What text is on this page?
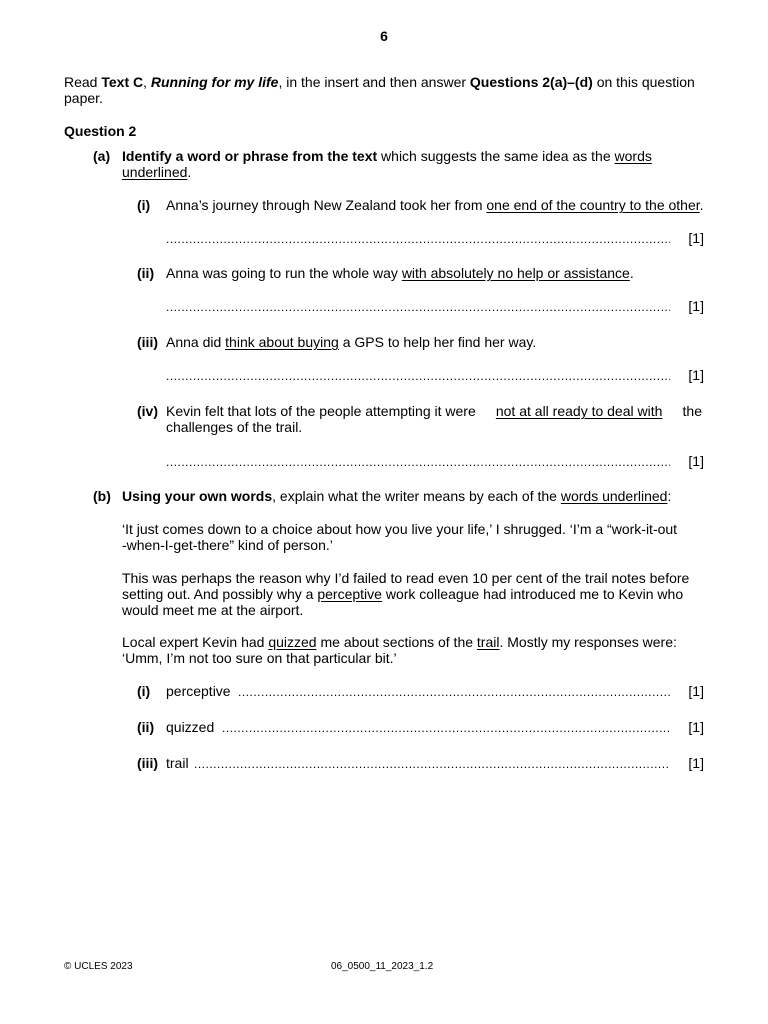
6
Read Text C, Running for my life, in the insert and then answer Questions 2(a)–(d) on this question
paper.
Question 2
(a) Identify a word or phrase from the text which suggests the same idea as the words
underlined.
(i) Anna’s journey through New Zealand took her from one end of the country to the other.
.....
[1]
(ii) Anna was going to run the whole way with absolutely no help or assistance.
.....
[1]
(iii) Anna did think about buying a GPS to help her find her way.
.....
[1]
(iv) Kevin felt that lots of the people attempting it were not at all ready to deal with the
challenges of the trail.
.....
[1]
(b) Using your own words, explain what the writer means by each of the words underlined:
‘It just comes down to a choice about how you live your life,’ I shrugged. ‘I’m a “work-it-out
-when-I-get-there” kind of person.’
This was perhaps the reason why I’d failed to read even 10 per cent of the trail notes before
setting out. And possibly why a perceptive work colleague had introduced me to Kevin who
would meet me at the airport.
Local expert Kevin had quizzed me about sections of the trail. Mostly my responses were:
‘Umm, I’m not too sure on that particular bit.’
(i) perceptive .....	[1]
(ii) quizzed .....	[1]
(iii) trail .....	[1]
© UCLES 2023	06_0500_11_2023_1.2
